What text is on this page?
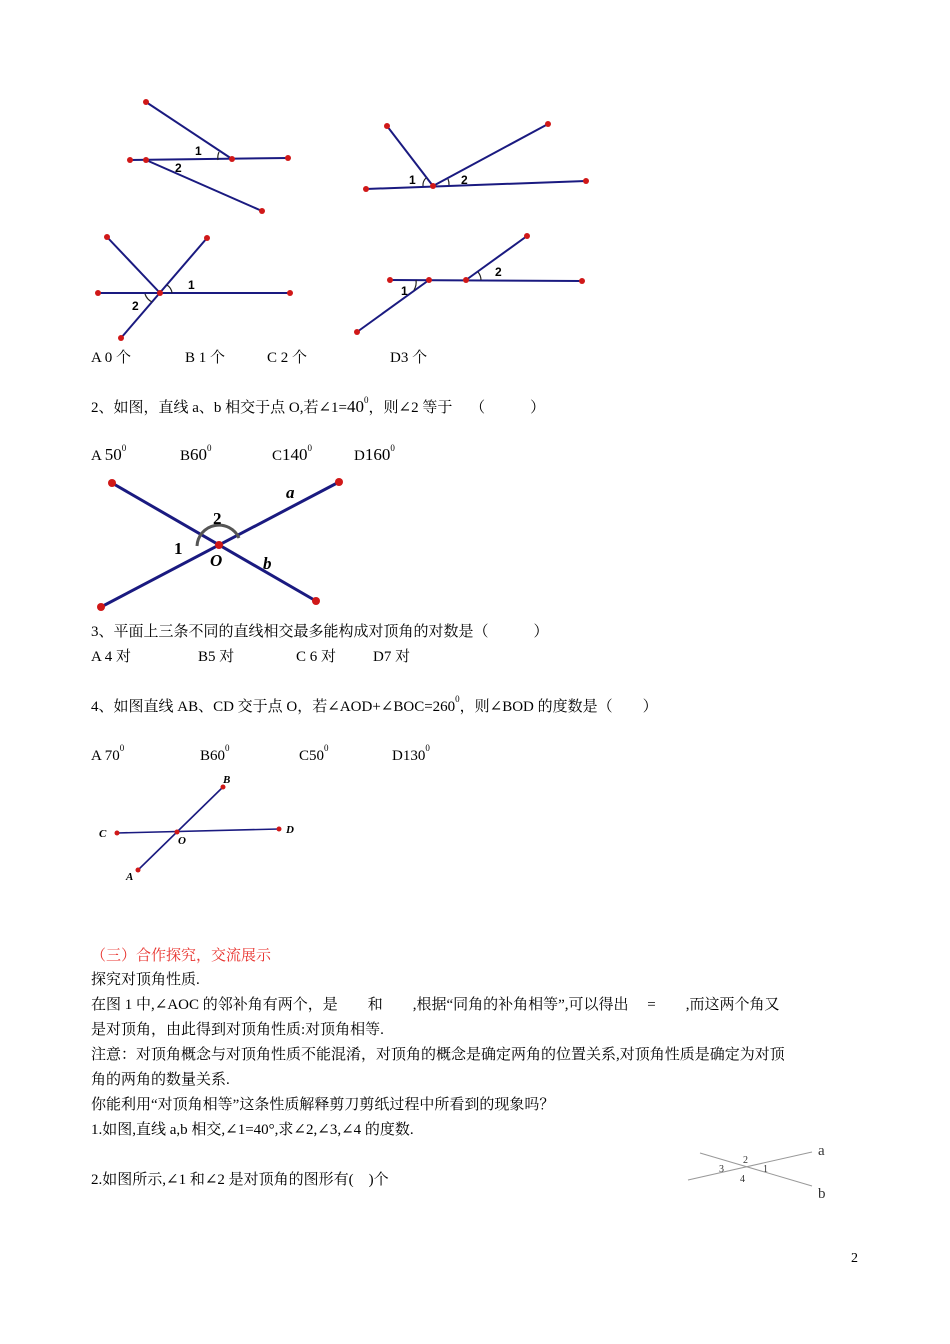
1
2
1	2
1
2
1
2
A 0 个	B 1 个	C 2 个	D3 个
2、如图，直线 a、b 相交于点 O,若$\angle 1=40^0$，则∠2 等于 （　　　）
A $50^0$	$B60^0$	$C140^0$	$D160^0$
2
1
O
a
b
3、平面上三条不同的直线相交最多能构成对顶角的对数是（　　　）
A 4 对	B5 对	C 6 对 D7 对
4、如图直线 AB、CD 交于点 O，若$\angle AOD+\angle BOC=260^0$，则∠BOD 的度数是（　　）
A $70^0$	$B60^0$	$C50^0$	$D130^0$
B
C	D
O
A
（三）合作探究，交流展示
探究对顶角性质.
在图 1 中,∠AOC 的邻补角有两个，是　　和　　,根据“同角的补角相等”,可以得出　 =　　,而这两个角又
是对顶角，由此得到对顶角性质:对顶角相等.
注意：对顶角概念与对顶角性质不能混淆，对顶角的概念是确定两角的位置关系,对顶角性质是确定为对顶
角的两角的数量关系.
你能利用“对顶角相等”这条性质解释剪刀剪纸过程中所看到的现象吗？
1.如图,直线 a,b 相交,∠1=40°,求∠2,∠3,∠4 的度数.
2.如图所示,∠1 和∠2 是对顶角的图形有(　)个
2
3	1
4
a
b
2
